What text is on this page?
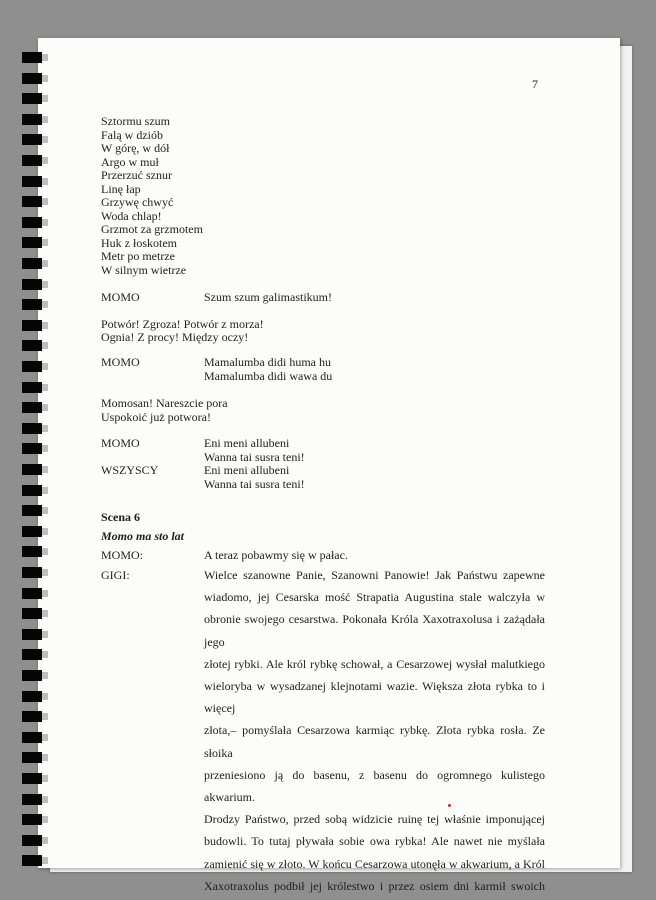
7
Sztormu szum
Falą w dziób
W górę, w dół
Argo w muł
Przerzuć sznur
Linę łap
Grzywę chwyć
Woda chlap!
Grzmot za grzmotem
Huk z łoskotem
Metr po metrze
W silnym wietrze
MOMO	Szum szum galimastikum!
Potwór! Zgroza! Potwór z morza!
Ognia! Z procy! Między oczy!
MOMO	Mamalumba didi huma hu
Mamalumba didi wawa du
Momosan! Nareszcie pora
Uspokoić już potwora!
MOMO	Eni meni allubeni
Wanna tai susra teni!
WSZYSCY	Eni meni allubeni
Wanna tai susra teni!
Scena 6
Momo ma sto lat
MOMO:	A teraz pobawmy się w pałac.
GIGI:	Wielce szanowne Panie, Szanowni Panowie! Jak Państwu zapewne
wiadomo, jej Cesarska mość Strapatia Augustina stale walczyła w
obronie swojego cesarstwa. Pokonała Króla Xaxotraxolusa i zażądała jego
złotej rybki. Ale król rybkę schował, a Cesarzowej wysłał malutkiego
wieloryba w wysadzanej klejnotami wazie. Większa złota rybka to i więcej
złota,– pomyślała Cesarzowa karmiąc rybkę. Złota rybka rosła. Ze słoika
przeniesiono ją do basenu, z basenu do ogromnego kulistego akwarium.
Drodzy Państwo, przed sobą widzicie ruinę tej właśnie imponującej
budowli. To tutaj pływała sobie owa rybka! Ale nawet nie myślała
zamienić się w złoto. W końcu Cesarzowa utonęła w akwarium, a Król
Xaxotraxolus podbił jej królestwo i przez osiem dni karmił swoich
